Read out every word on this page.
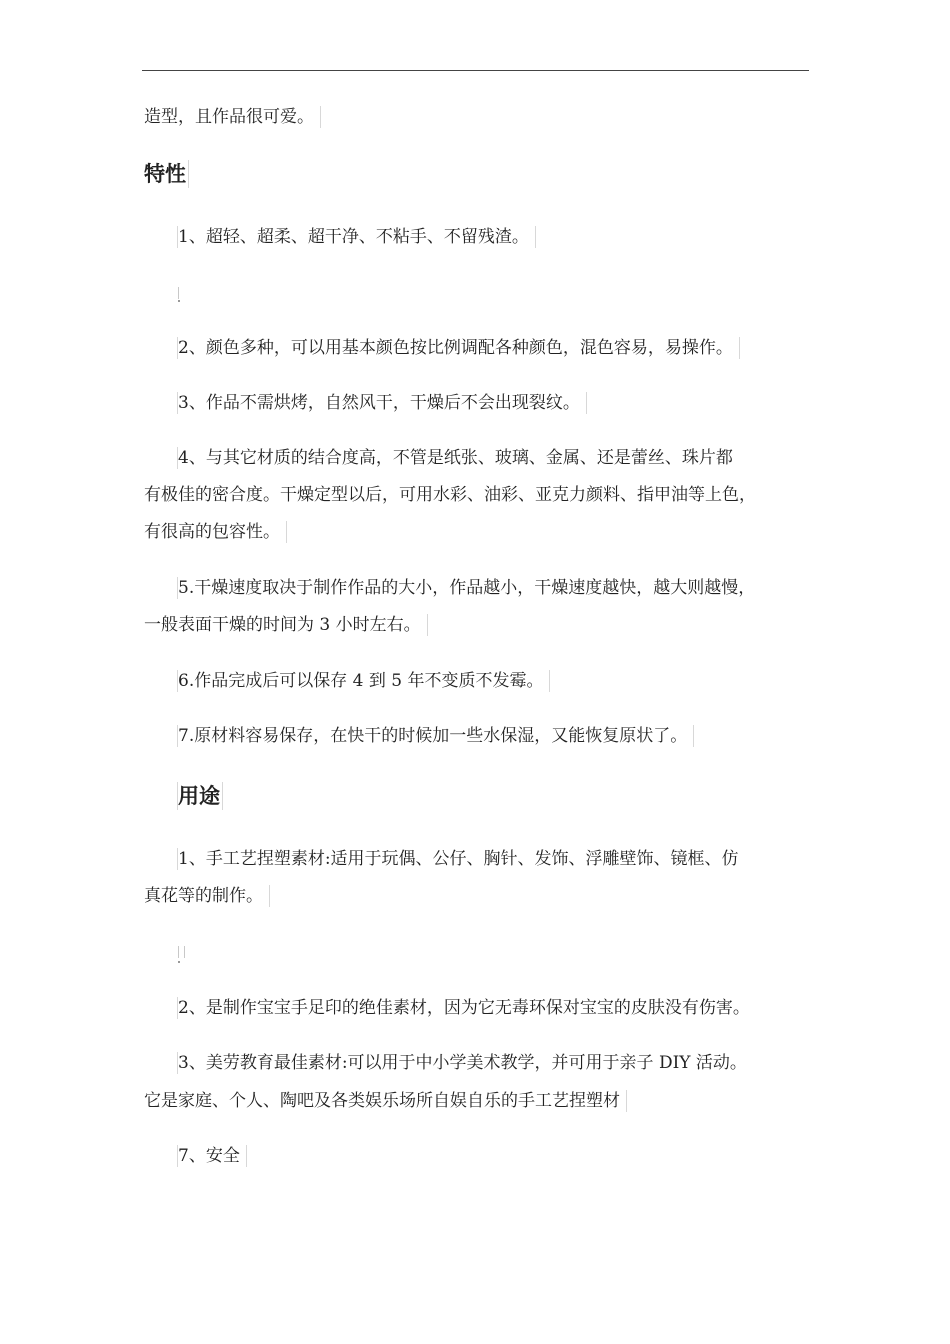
造型，且作品很可爱。
特性
1、超轻、超柔、超干净、不粘手、不留残渣。
2、颜色多种，可以用基本颜色按比例调配各种颜色，混色容易，易操作。
3、作品不需烘烤，自然风干，干燥后不会出现裂纹。
4、与其它材质的结合度高，不管是纸张、玻璃、金属、还是蕾丝、珠片都
有极佳的密合度。干燥定型以后，可用水彩、油彩、亚克力颜料、指甲油等上色，
有很高的包容性。
5.干燥速度取决于制作作品的大小，作品越小，干燥速度越快，越大则越慢，
一般表面干燥的时间为 3 小时左右。
6.作品完成后可以保存 4 到 5 年不变质不发霉。
7.原材料容易保存，在快干的时候加一些水保湿，又能恢复原状了。
用途
1、手工艺捏塑素材:适用于玩偶、公仔、胸针、发饰、浮雕壁饰、镜框、仿
真花等的制作。
2、是制作宝宝手足印的绝佳素材，因为它无毒环保对宝宝的皮肤没有伤害。
3、美劳教育最佳素材:可以用于中小学美术教学，并可用于亲子 DIY 活动。
它是家庭、个人、陶吧及各类娱乐场所自娱自乐的手工艺捏塑材
7、安全
